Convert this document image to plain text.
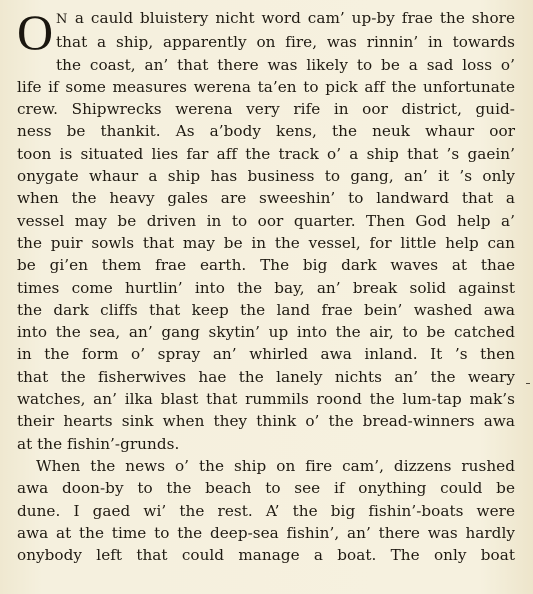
O N a cauld bluistery nicht word cam’ up-by frae the shore
that a ship, apparently on fire, was rinnin’ in towards
the coast, an’ that there was likely to be a sad loss o’
life if some measures werena ta’en to pick aff the unfortunate
crew. Shipwrecks werena very rife in oor district, guid-
ness be thankit. As a’body kens, the neuk whaur oor
toon is situated lies far aff the track o’ a ship that ’s gaein’
onygate whaur a ship has business to gang, an’ it ’s only
when the heavy gales are sweeshin’ to landward that a
vessel may be driven in to oor quarter. Then God help a’
the puir sowls that may be in the vessel, for little help can
be gi’en them frae earth. The big dark waves at thae
times come hurtlin’ into the bay, an’ break solid against
the dark cliffs that keep the land frae bein’ washed awa
into the sea, an’ gang skytin’ up into the air, to be catched
in the form o’ spray an’ whirled awa inland. It ’s then
that the fisherwives hae the lanely nichts an’ the weary
watches, an’ ilka blast that rummils roond the lum-tap mak’s
their hearts sink when they think o’ the bread-winners awa
at the fishin’-grunds.
When the news o’ the ship on fire cam’, dizzens rushed
awa doon-by to the beach to see if onything could be
dune. I gaed wi’ the rest. A’ the big fishin’-boats were
awa at the time to the deep-sea fishin’, an’ there was hardly
onybody left that could manage a boat. The only boat
